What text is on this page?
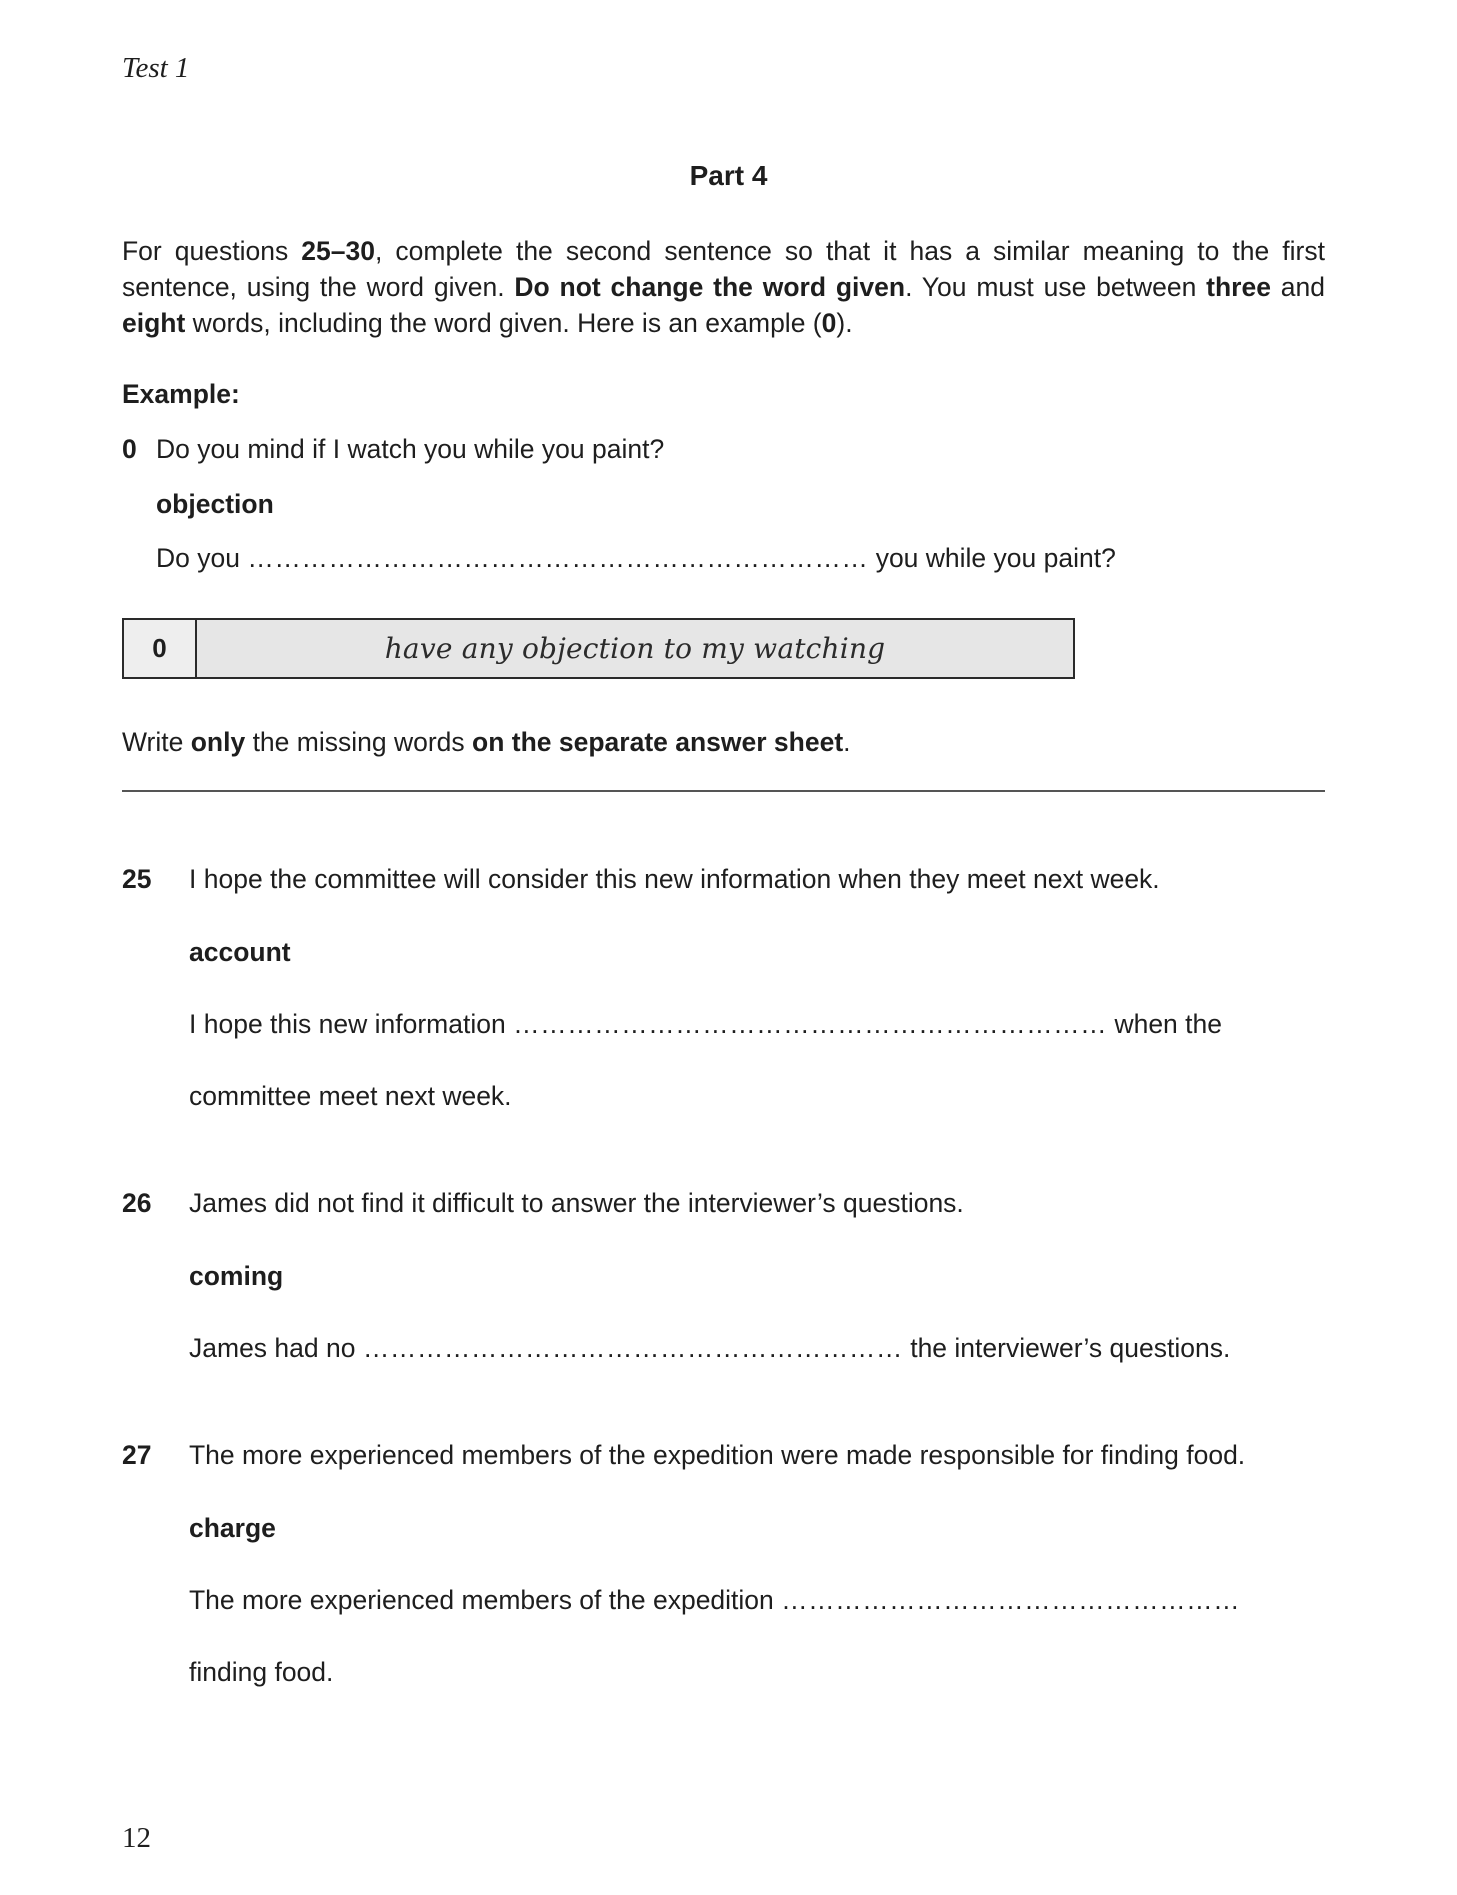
Test 1
Part 4

For questions 25–30, complete the second sentence so that it has a similar meaning to the first sentence, using the word given. Do not change the word given. You must use between three and eight words, including the word given. Here is an example (0).

Example:
0 Do you mind if I watch you while you paint?
objection
Do you …………………………………………………………… you while you paint?
0	have any objection to my watching
Write only the missing words on the separate answer sheet.
25 I hope the committee will consider this new information when they meet next week.
account
I hope this new information ………………………………………………………… when the
committee meet next week.
26 James did not find it difficult to answer the interviewer’s questions.
coming
James had no …………………………………………………… the interviewer’s questions.
27 The more experienced members of the expedition were made responsible for finding food.
charge
The more experienced members of the expedition ……………………………………………
finding food.
12
